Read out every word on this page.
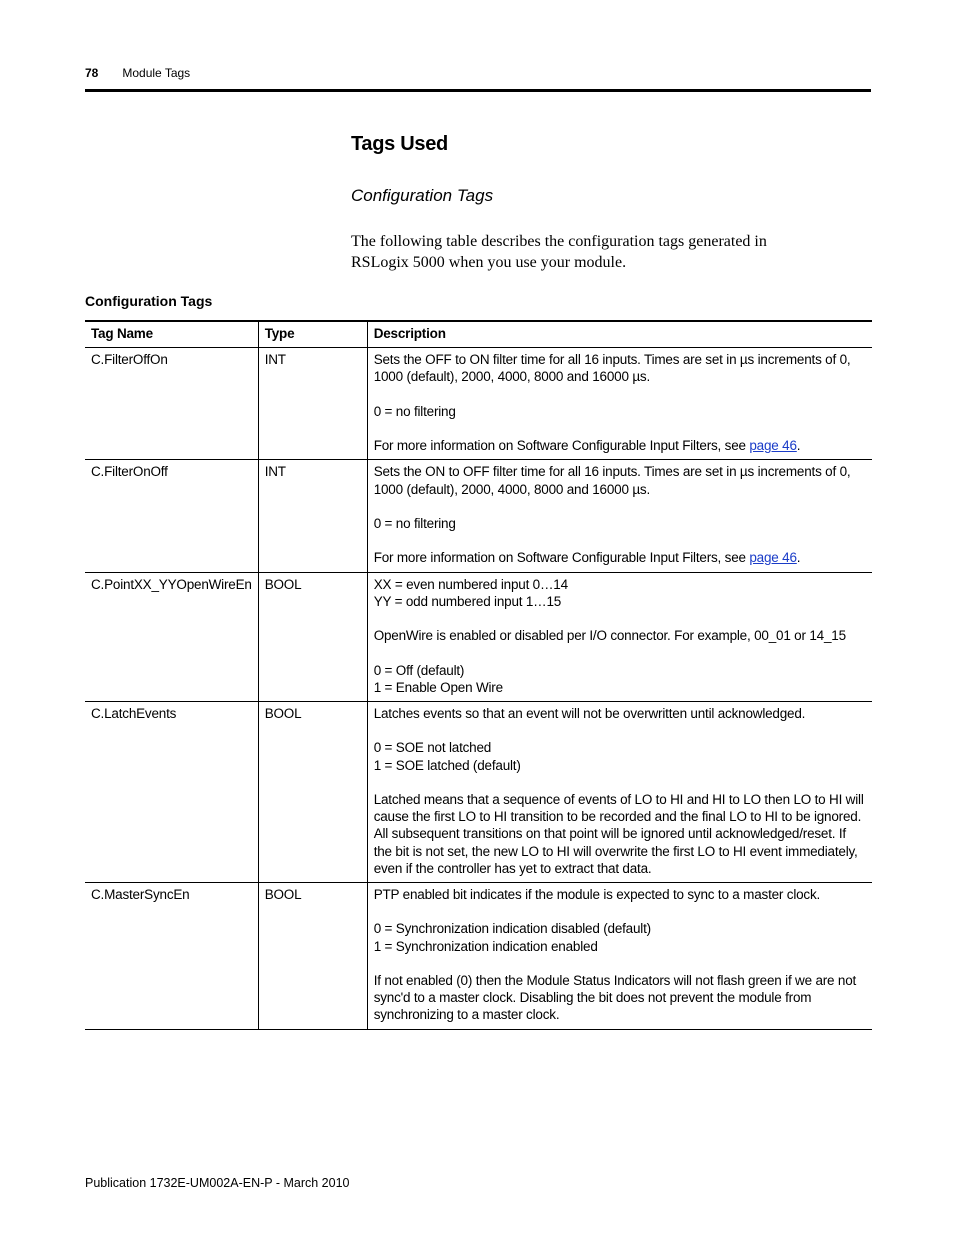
78 Module Tags
Tags Used
Configuration Tags
The following table describes the configuration tags generated in RSLogix 5000 when you use your module.
Configuration Tags
Tag Name	Type	Description
C.FilterOffOn	INT	Sets the OFF to ON filter time for all 16 inputs. Times are set in µs increments of 0, 1000 (default), 2000, 4000, 8000 and 16000 µs.

0 = no filtering

For more information on Software Configurable Input Filters, see page 46.

C.FilterOnOff	INT	Sets the ON to OFF filter time for all 16 inputs. Times are set in µs increments of 0, 1000 (default), 2000, 4000, 8000 and 16000 µs.

0 = no filtering

For more information on Software Configurable Input Filters, see page 46.

C.PointXX_YYOpenWireEn	BOOL	XX = even numbered input 0…14
YY = odd numbered input 1…15

OpenWire is enabled or disabled per I/O connector. For example, 00_01 or 14_15

0 = Off (default)
1 = Enable Open Wire

C.LatchEvents	BOOL	Latches events so that an event will not be overwritten until acknowledged.

0 = SOE not latched
1 = SOE latched (default)

Latched means that a sequence of events of LO to HI and HI to LO then LO to HI will cause the first LO to HI transition to be recorded and the final LO to HI to be ignored. All subsequent transitions on that point will be ignored until acknowledged/reset. If the bit is not set, the new LO to HI will overwrite the first LO to HI event immediately, even if the controller has yet to extract that data.

C.MasterSyncEn	BOOL	PTP enabled bit indicates if the module is expected to sync to a master clock.

0 = Synchronization indication disabled (default)
1 = Synchronization indication enabled

If not enabled (0) then the Module Status Indicators will not flash green if we are not sync'd to a master clock. Disabling the bit does not prevent the module from synchronizing to a master clock.

Publication 1732E-UM002A-EN-P - March 2010
